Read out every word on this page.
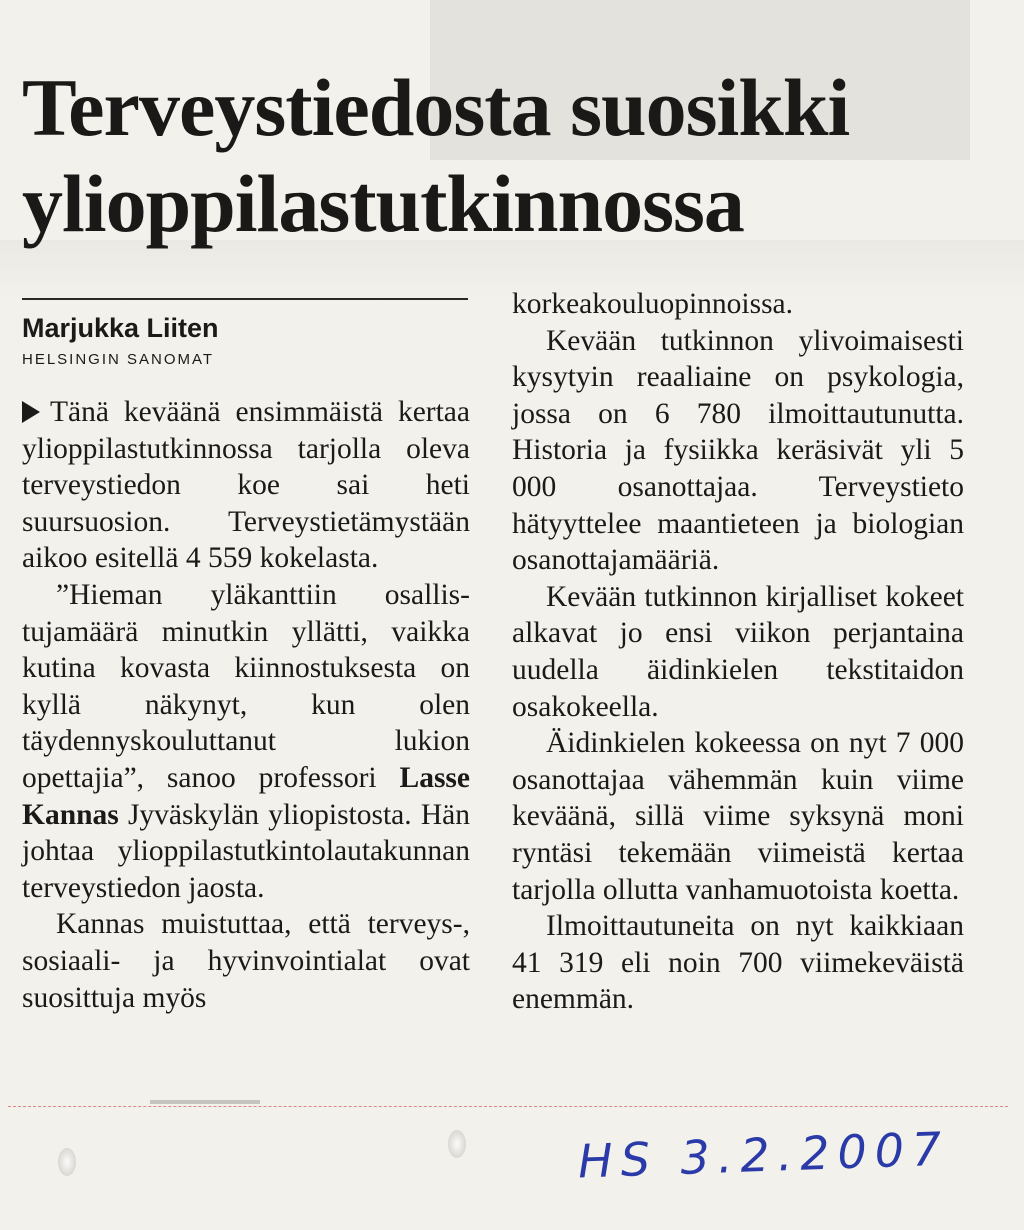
Terveystiedosta suosikki
ylioppilastutkinnossa

Marjukka Liiten

HELSINGIN SANOMAT

Tänä keväänä ensimmäistä kertaa ylioppilastutkinnossa tarjolla oleva terveystiedon koe sai heti suursuosion. Terveystietämystään aikoo esitellä 4 559 kokelasta.

”Hieman yläkanttiin osallistujamäärä minutkin yllätti, vaikka kutina kovasta kiinnostuksesta on kyllä näkynyt, kun olen täydennyskouluttanut lukion opettajia”, sanoo professori Lasse Kannas Jyväskylän yliopistosta. Hän johtaa ylioppilastutkintolautakunnan terveystiedon jaosta.

Kannas muistuttaa, että terveys-, sosiaali- ja hyvinvointialat ovat suosittuja myös

korkeakouluopinnoissa.

Kevään tutkinnon ylivoimaisesti kysytyin reaaliaine on psykologia, jossa on 6 780 ilmoittautunutta. Historia ja fysiikka keräsivät yli 5 000 osanottajaa. Terveystieto hätyyttelee maantieteen ja biologian osanottajamääriä.

Kevään tutkinnon kirjalliset kokeet alkavat jo ensi viikon perjantaina uudella äidinkielen tekstitaidon osakokeella.

Äidinkielen kokeessa on nyt 7 000 osanottajaa vähemmän kuin viime keväänä, sillä viime syksynä moni ryntäsi tekemään viimeistä kertaa tarjolla ollutta vanhamuotoista koetta.

Ilmoittautuneita on nyt kaikkiaan 41 319 eli noin 700 viimekeväistä enemmän.

HS 3.2.2007
